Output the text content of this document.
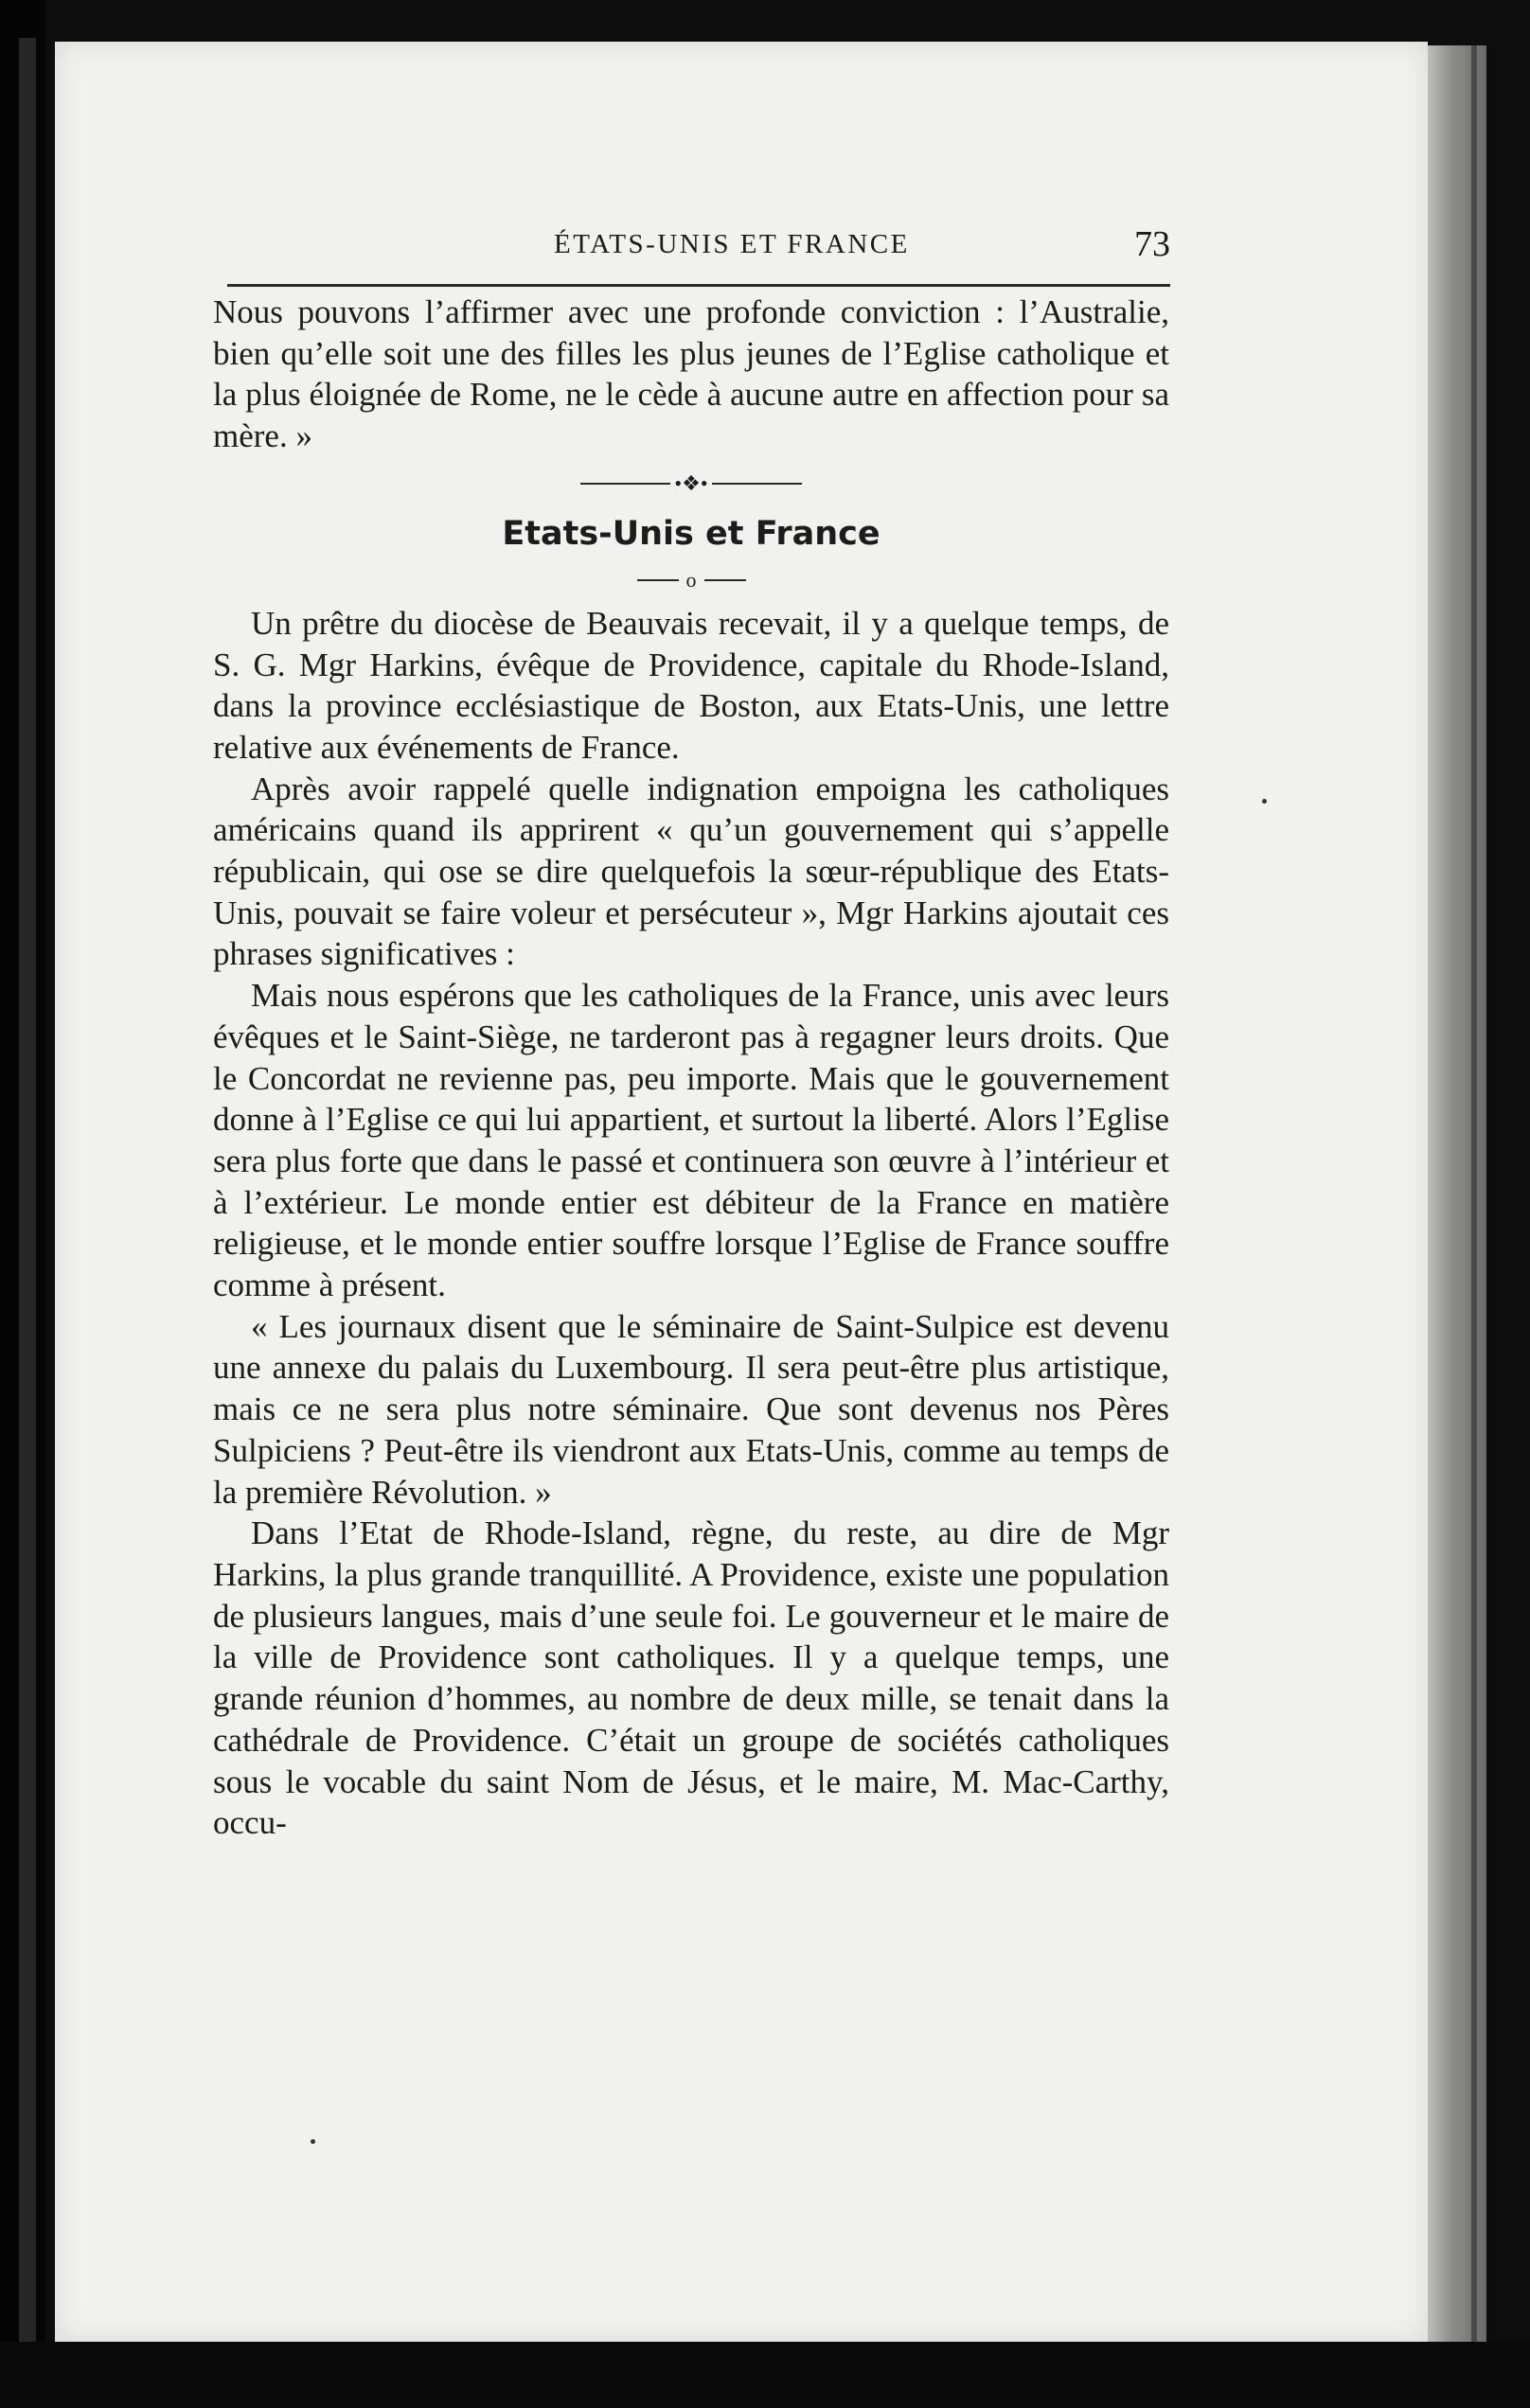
ÉTATS-UNIS ET FRANCE	73

Nous pouvons l’affirmer avec une profonde conviction : l’Australie, bien qu’elle soit une des filles les plus jeunes de l’Eglise catholique et la plus éloignée de Rome, ne le cède à aucune autre en affection pour sa mère. »

•❖•
Etats-Unis et France
o

Un prêtre du diocèse de Beauvais recevait, il y a quelque temps, de S. G. Mgr Harkins, évêque de Providence, capitale du Rhode-Island, dans la province ecclésiastique de Boston, aux Etats-Unis, une lettre relative aux événements de France.

Après avoir rappelé quelle indignation empoigna les catholiques américains quand ils apprirent « qu’un gouvernement qui s’appelle républicain, qui ose se dire quelquefois la sœur-république des Etats-Unis, pouvait se faire voleur et persécuteur », Mgr Harkins ajoutait ces phrases significatives :

Mais nous espérons que les catholiques de la France, unis avec leurs évêques et le Saint-Siège, ne tarderont pas à regagner leurs droits. Que le Concordat ne revienne pas, peu importe. Mais que le gouvernement donne à l’Eglise ce qui lui appartient, et surtout la liberté. Alors l’Eglise sera plus forte que dans le passé et continuera son œuvre à l’intérieur et à l’extérieur. Le monde entier est débiteur de la France en matière religieuse, et le monde entier souffre lorsque l’Eglise de France souffre comme à présent.

« Les journaux disent que le séminaire de Saint-Sulpice est devenu une annexe du palais du Luxembourg. Il sera peut-être plus artistique, mais ce ne sera plus notre séminaire. Que sont devenus nos Pères Sulpiciens ? Peut-être ils viendront aux Etats-Unis, comme au temps de la première Révolution. »

Dans l’Etat de Rhode-Island, règne, du reste, au dire de Mgr Harkins, la plus grande tranquillité. A Providence, existe une population de plusieurs langues, mais d’une seule foi. Le gouverneur et le maire de la ville de Providence sont catholiques. Il y a quelque temps, une grande réunion d’hommes, au nombre de deux mille, se tenait dans la cathédrale de Providence. C’était un groupe de sociétés catholiques sous le vocable du saint Nom de Jésus, et le maire, M. Mac-Carthy, occu-
